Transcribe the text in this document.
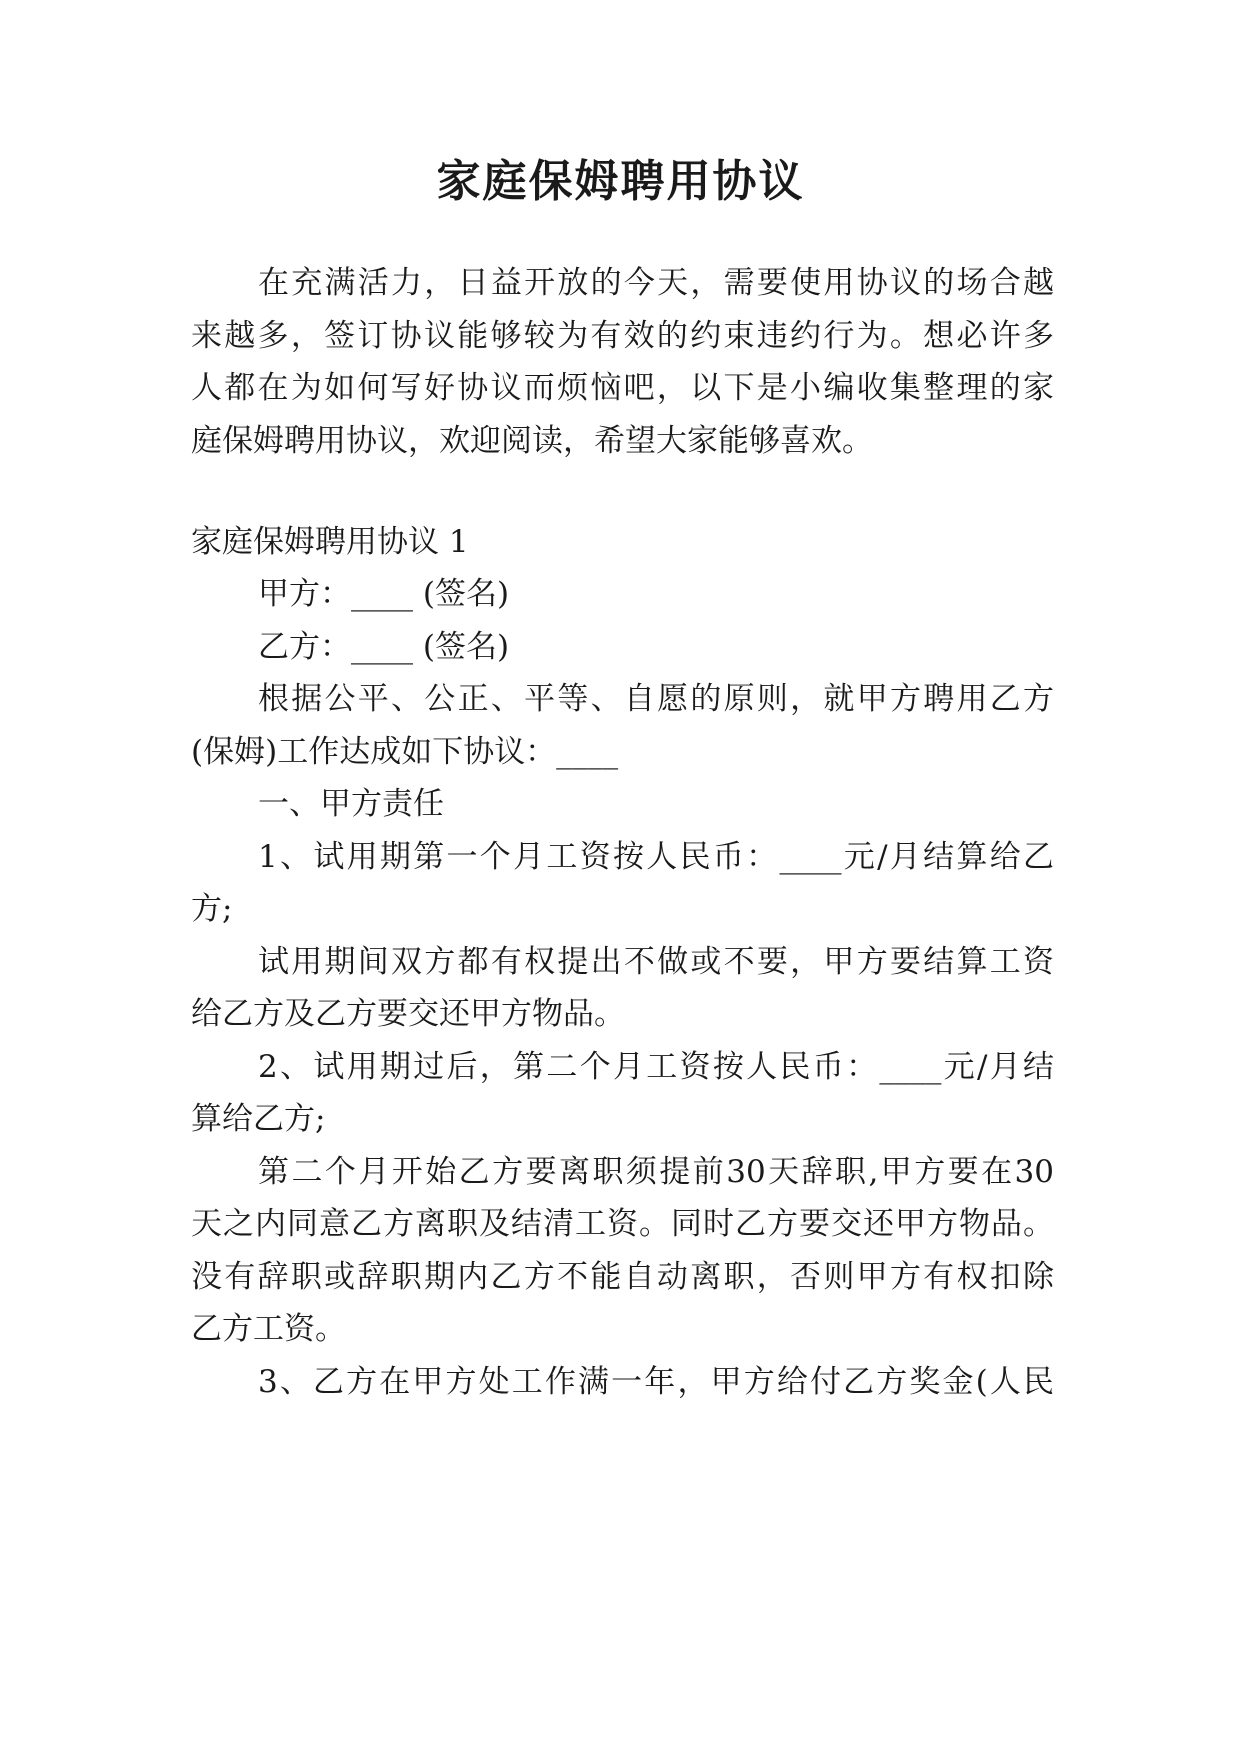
家庭保姆聘用协议

在充满活力，日益开放的今天，需要使用协议的场合越

来越多，签订协议能够较为有效的约束违约行为。想必许多

人都在为如何写好协议而烦恼吧，以下是小编收集整理的家

庭保姆聘用协议，欢迎阅读，希望大家能够喜欢。

家庭保姆聘用协议 1

甲方：____ (签名)

乙方：____ (签名)

根据公平、公正、平等、自愿的原则，就甲方聘用乙方

(保姆)工作达成如下协议：____

一、甲方责任

1、试用期第一个月工资按人民币：____元/月结算给乙

方;

试用期间双方都有权提出不做或不要，甲方要结算工资

给乙方及乙方要交还甲方物品。

2、试用期过后，第二个月工资按人民币：____元/月结

算给乙方;

第二个月开始乙方要离职须提前30天辞职,甲方要在30

天之内同意乙方离职及结清工资。同时乙方要交还甲方物品。

没有辞职或辞职期内乙方不能自动离职，否则甲方有权扣除

乙方工资。

3、乙方在甲方处工作满一年，甲方给付乙方奖金(人民
